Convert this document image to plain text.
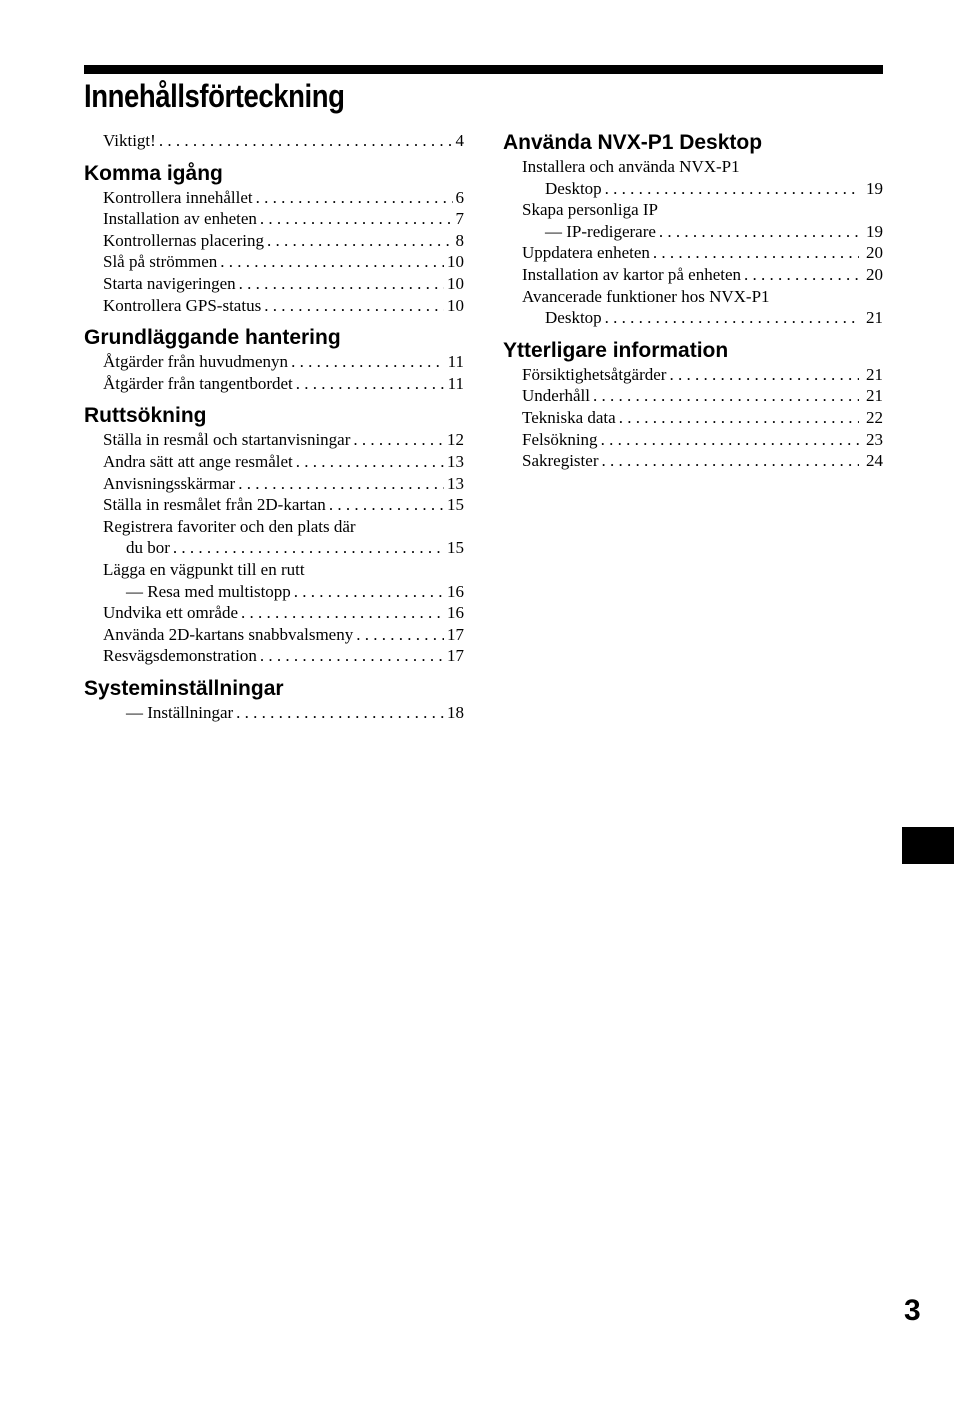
Innehållsförteckning
Viktigt! . . .	4
Komma igång
Kontrollera innehållet . . .	6
Installation av enheten . . .	7
Kontrollernas placering . . .	8
Slå på strömmen . . .	10
Starta navigeringen . . .	10
Kontrollera GPS-status . . .	10
Grundläggande hantering
Åtgärder från huvudmenyn . . .	11
Åtgärder från tangentbordet . . .	11
Ruttsökning
Ställa in resmål och startanvisningar . . .	12
Andra sätt att ange resmålet . . .	13
Anvisningsskärmar . . .	13
Ställa in resmålet från 2D-kartan . . .	15
Registrera favoriter och den plats där
du bor . . .	15
Lägga en vägpunkt till en rutt
— Resa med multistopp . . .	16
Undvika ett område . . .	16
Använda 2D-kartans snabbvalsmeny . . .	17
Resvägsdemonstration . . .	17
Systeminställningar
— Inställningar . . .	18
Använda NVX-P1 Desktop
Installera och använda NVX-P1
Desktop . . .	19
Skapa personliga IP
— IP-redigerare . . .	19
Uppdatera enheten . . .	20
Installation av kartor på enheten . . .	20
Avancerade funktioner hos NVX-P1
Desktop . . .	21
Ytterligare information
Försiktighetsåtgärder . . .	21
Underhåll . . .	21
Tekniska data . . .	22
Felsökning . . .	23
Sakregister . . .	24
3
